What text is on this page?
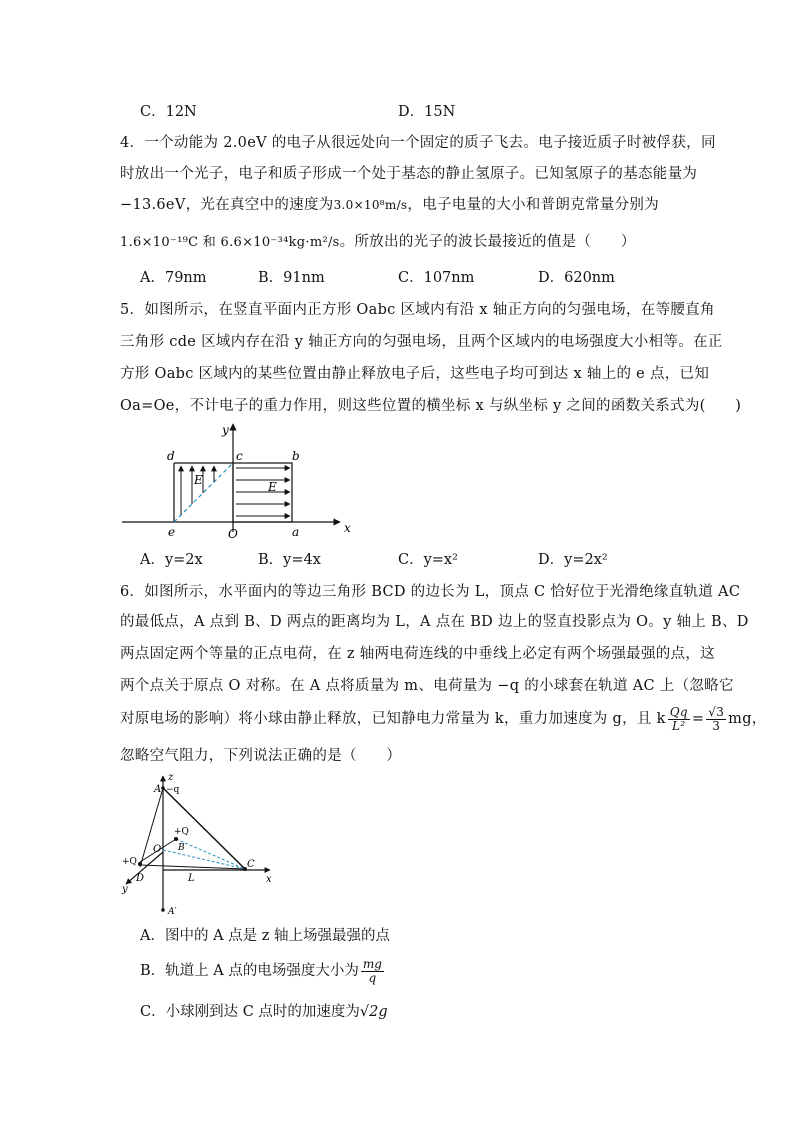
C．12N	D．15N
4．一个动能为 2.0eV 的电子从很远处向一个固定的质子飞去。电子接近质子时被俘获，同
时放出一个光子，电子和质子形成一个处于基态的静止氢原子。已知氢原子的基态能量为
−13.6eV，光在真空中的速度为3.0×10⁸m/s，电子电量的大小和普朗克常量分别为
1.6×10⁻¹⁹C 和 6.6×10⁻³⁴kg·m²/s。所放出的光子的波长最接近的值是（　　）
A．79nm	B．91nm	C．107nm	D．620nm
5．如图所示，在竖直平面内正方形 Oabc 区域内有沿 x 轴正方向的匀强电场，在等腰直角
三角形 cde 区域内存在沿 y 轴正方向的匀强电场，且两个区域内的电场强度大小相等。在正
方形 Oabc 区域内的某些位置由静止释放电子后，这些电子均可到达 x 轴上的 e 点，已知
Oa=Oe，不计电子的重力作用，则这些位置的横坐标 x 与纵坐标 y 之间的函数关系式为(　　)
y
x
c
d	b
e	O	a
E	E
A．y=2x	B．y=4x	C．y=x²	D．y=2x²
6．如图所示，水平面内的等边三角形 BCD 的边长为 L，顶点 C 恰好位于光滑绝缘直轨道 AC
的最低点，A 点到 B、D 两点的距离均为 L，A 点在 BD 边上的竖直投影点为 O。y 轴上 B、D
两点固定两个等量的正点电荷，在 z 轴两电荷连线的中垂线上必定有两个场强最强的点，这
两个点关于原点 O 对称。在 A 点将质量为 m、电荷量为 −q 的小球套在轨道 AC 上（忽略它
对原电场的影响）将小球由静止释放，已知静电力常量为 k，重力加速度为 g，且 k $\frac{Qq}{\text{L²}} = \frac{√3}{3}$ mg，
忽略空气阻力，下列说法正确的是（　　）
z
A −q
+Q
B
O
+Q
D	L
C
x
y
A′
A．图中的 A 点是 z 轴上场强最强的点
B．轨道上 A 点的电场强度大小为 $\frac{mg}{q}$
C．小球刚到达 C 点时的加速度为√2g
